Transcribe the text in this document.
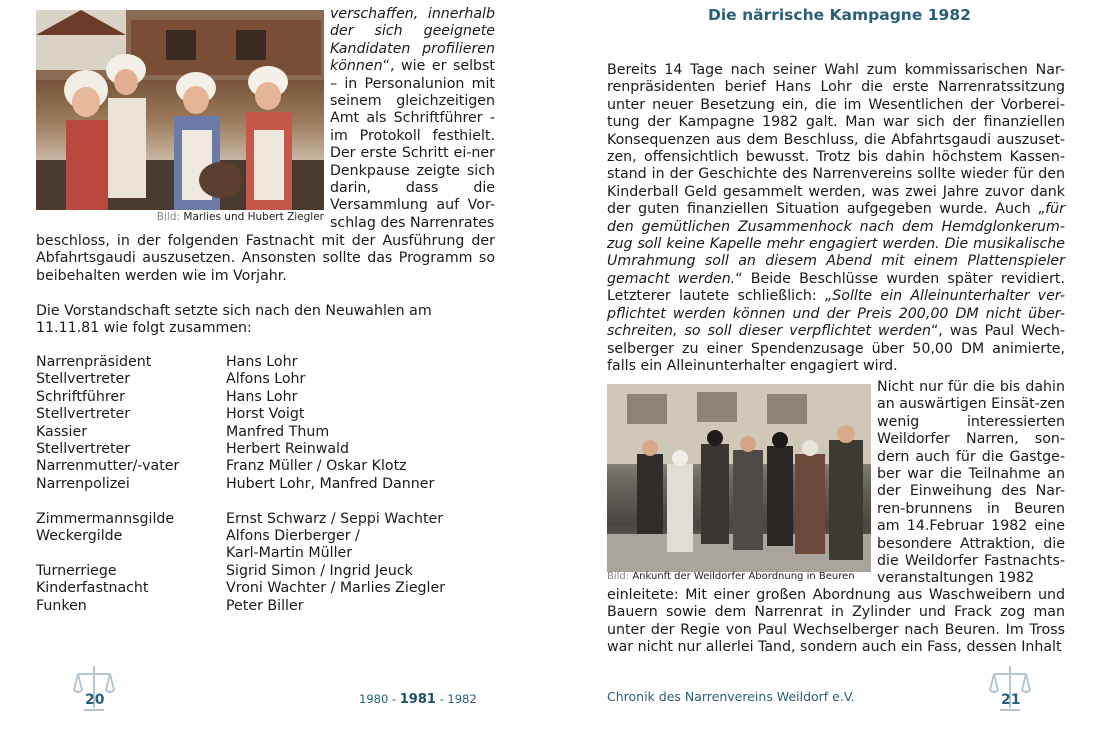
Bild: Marlies und Hubert Ziegler

verschaffen, innerhalb der sich geeignete Kandidaten profilieren können“, wie er selbst – in Personalunion mit seinem gleichzeitigen Amt als Schriftführer - im Protokoll festhielt. Der erste Schritt ei-ner Denkpause zeigte sich darin, dass die Versammlung auf Vor-schlag des Narrenrates

beschloss, in der folgenden Fastnacht mit der Ausführung der Abfahrtsgaudi auszusetzen. Ansonsten sollte das Programm so beibehalten werden wie im Vorjahr.

Die Vorstandschaft setzte sich nach den Neuwahlen am 11.11.81 wie folgt zusammen:

Narrenpräsident	Hans Lohr
Stellvertreter	Alfons Lohr
Schriftführer	Hans Lohr
Stellvertreter	Horst Voigt
Kassier	Manfred Thum
Stellvertreter	Herbert Reinwald
Narrenmutter/-vater	Franz Müller / Oskar Klotz
Narrenpolizei	Hubert Lohr, Manfred Danner
Zimmermannsgilde	Ernst Schwarz / Seppi Wachter
Weckergilde	Alfons Dierberger /
Karl-Martin Müller
Turnerriege	Sigrid Simon / Ingrid Jeuck
Kinderfastnacht	Vroni Wachter / Marlies Ziegler
Funken	Peter Biller
20	1980 - 1981 - 1982
Die närrische Kampagne 1982

Bereits 14 Tage nach seiner Wahl zum kommissarischen Nar-renpräsidenten berief Hans Lohr die erste Narrenratssitzung unter neuer Besetzung ein, die im Wesentlichen der Vorberei-tung der Kampagne 1982 galt. Man war sich der finanziellen Konsequenzen aus dem Beschluss, die Abfahrtsgaudi auszuset-zen, offensichtlich bewusst. Trotz bis dahin höchstem Kassen-stand in der Geschichte des Narrenvereins sollte wieder für den Kinderball Geld gesammelt werden, was zwei Jahre zuvor dank der guten finanziellen Situation aufgegeben wurde. Auch „für den gemütlichen Zusammenhock nach dem Hemdglonkerum-zug soll keine Kapelle mehr engagiert werden. Die musikalische Umrahmung soll an diesem Abend mit einem Plattenspieler gemacht werden.“ Beide Beschlüsse wurden später revidiert. Letzterer lautete schließlich: „Sollte ein Alleinunterhalter ver-pflichtet werden können und der Preis 200,00 DM nicht über-schreiten, so soll dieser verpflichtet werden“, was Paul Wech-selberger zu einer Spendenzusage über 50,00 DM animierte, falls ein Alleinunterhalter engagiert wird.

Bild: Ankunft der Weildorfer Abordnung in Beuren

Nicht nur für die bis dahin an auswärtigen Einsät-zen wenig interessierten Weildorfer Narren, son-dern auch für die Gastge-ber war die Teilnahme an der Einweihung des Nar-ren-brunnens in Beuren am 14.Februar 1982 eine besondere Attraktion, die die Weildorfer Fastnachts-veranstaltungen 1982

einleitete: Mit einer großen Abordnung aus Waschweibern und Bauern sowie dem Narrenrat in Zylinder und Frack zog man unter der Regie von Paul Wechselberger nach Beuren. Im Tross war nicht nur allerlei Tand, sondern auch ein Fass, dessen Inhalt

Chronik des Narrenvereins Weildorf e.V.	21
